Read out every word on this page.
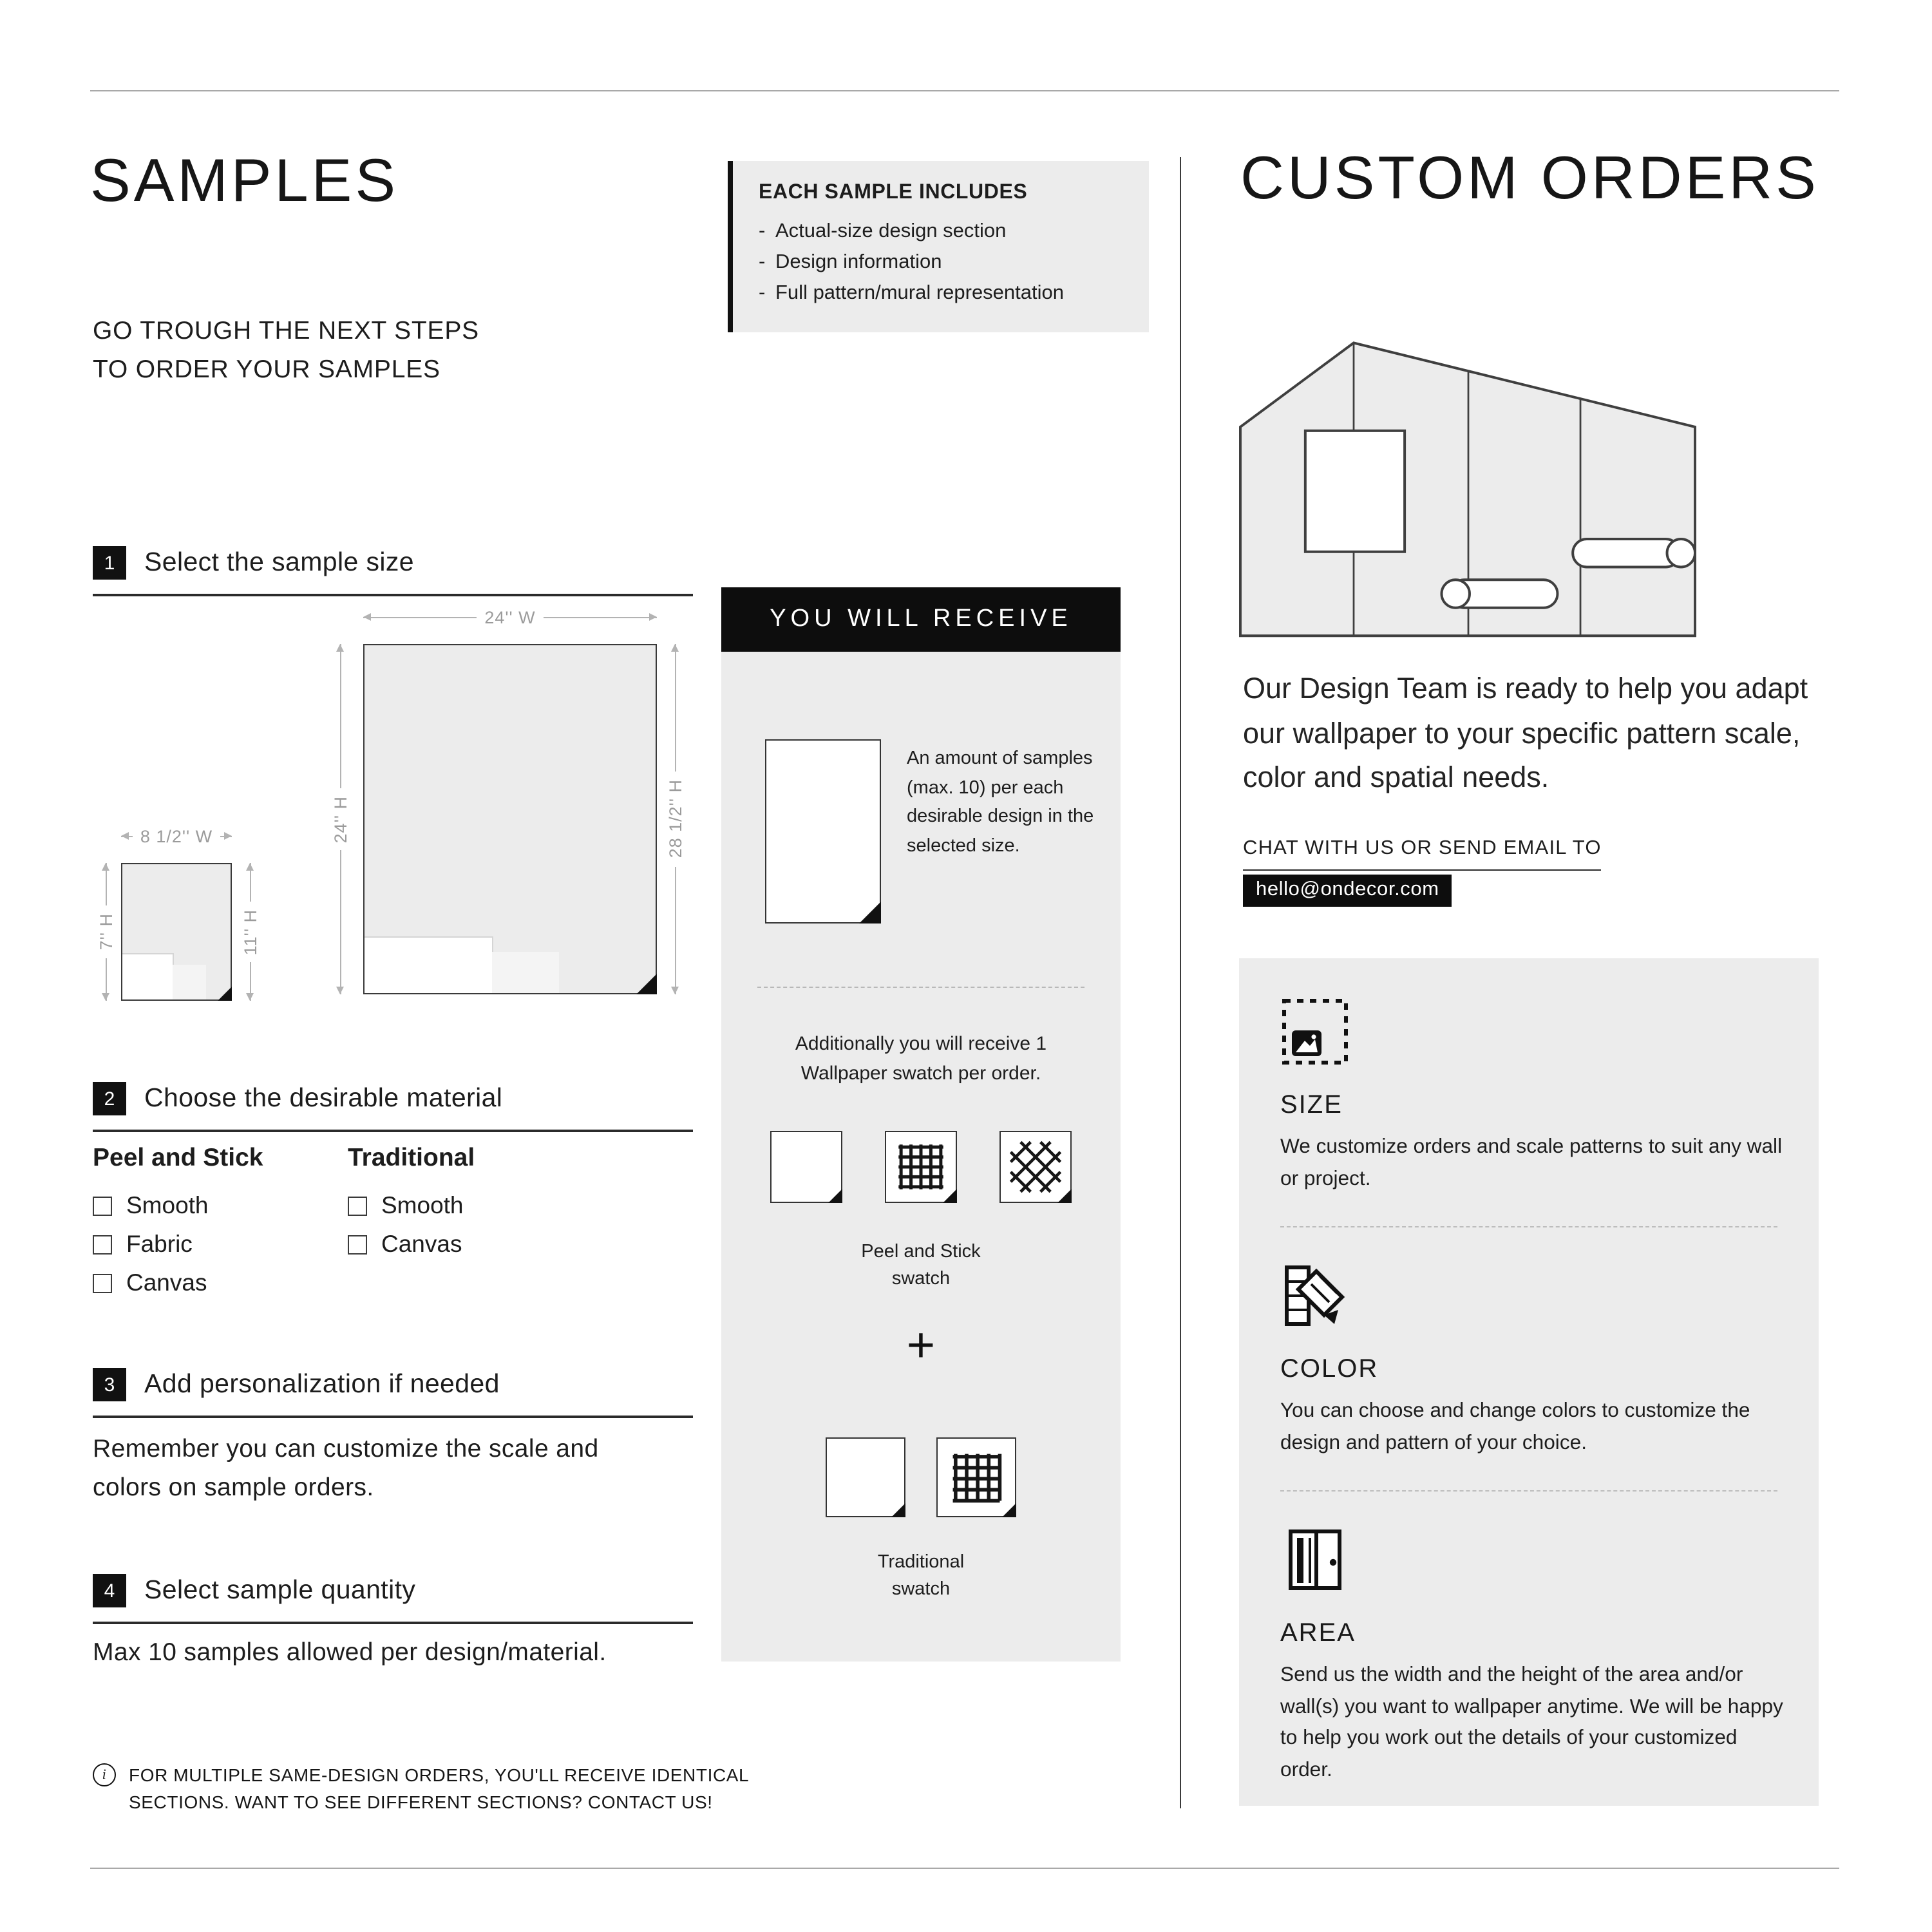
SAMPLES	EACH SAMPLE INCLUDES
- Actual-size design section
- Design information
- Full pattern/mural representation
GO TROUGH THE NEXT STEPS
TO ORDER YOUR SAMPLES
1	Select the sample size
24'' W
24'' H	28 1/2'' H
8 1/2'' W
7'' H	11'' H
2	Choose the desirable material
Peel and Stick
Smooth
Fabric
Canvas
Traditional
Smooth
Canvas
3	Add personalization if needed
Remember you can customize the scale and colors on sample orders.
4	Select sample quantity
Max 10 samples allowed per design/material.
i	FOR MULTIPLE SAME-DESIGN ORDERS, YOU'LL RECEIVE IDENTICAL SECTIONS. WANT TO SEE DIFFERENT SECTIONS? CONTACT US!
YOU WILL RECEIVE
An amount of samples (max. 10) per each desirable design in the selected size.
Additionally you will receive 1 Wallpaper swatch per order.
Peel and Stick
swatch
+
Traditional
swatch
CUSTOM ORDERS
Our Design Team is ready to help you adapt our wallpaper to your specific pattern scale, color and spatial needs.
CHAT WITH US OR SEND EMAIL TO
hello@ondecor.com
SIZE
We customize orders and scale patterns to suit any wall or project.
COLOR
You can choose and change colors to customize the design and pattern of your choice.
AREA
Send us the width and the height of the area and/or wall(s) you want to wallpaper anytime. We will be happy to help you work out the details of your customized order.
